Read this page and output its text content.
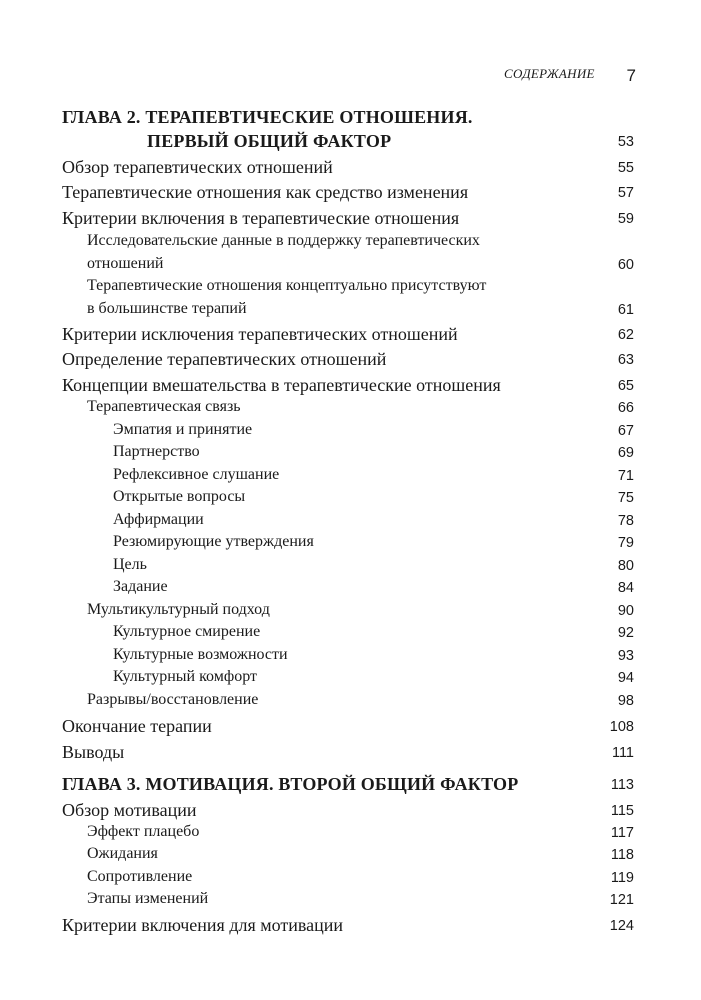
СОДЕРЖАНИЕ	7
ГЛАВА 2. ТЕРАПЕВТИЧЕСКИЕ ОТНОШЕНИЯ.
ПЕРВЫЙ ОБЩИЙ ФАКТОР	53
Обзор терапевтических отношений	55
Терапевтические отношения как средство изменения	57
Критерии включения в терапевтические отношения	59
Исследовательские данные в поддержку терапевтических
отношений	60
Терапевтические отношения концептуально присутствуют
в большинстве терапий	61
Критерии исключения терапевтических отношений	62
Определение терапевтических отношений	63
Концепции вмешательства в терапевтические отношения	65
Терапевтическая связь	66
Эмпатия и принятие	67
Партнерство	69
Рефлексивное слушание	71
Открытые вопросы	75
Аффирмации	78
Резюмирующие утверждения	79
Цель	80
Задание	84
Мультикультурный подход	90
Культурное смирение	92
Культурные возможности	93
Культурный комфорт	94
Разрывы/восстановление	98
Окончание терапии	108
Выводы	111
ГЛАВА 3. МОТИВАЦИЯ. ВТОРОЙ ОБЩИЙ ФАКТОР	113
Обзор мотивации	115
Эффект плацебо	117
Ожидания	118
Сопротивление	119
Этапы изменений	121
Критерии включения для мотивации	124
